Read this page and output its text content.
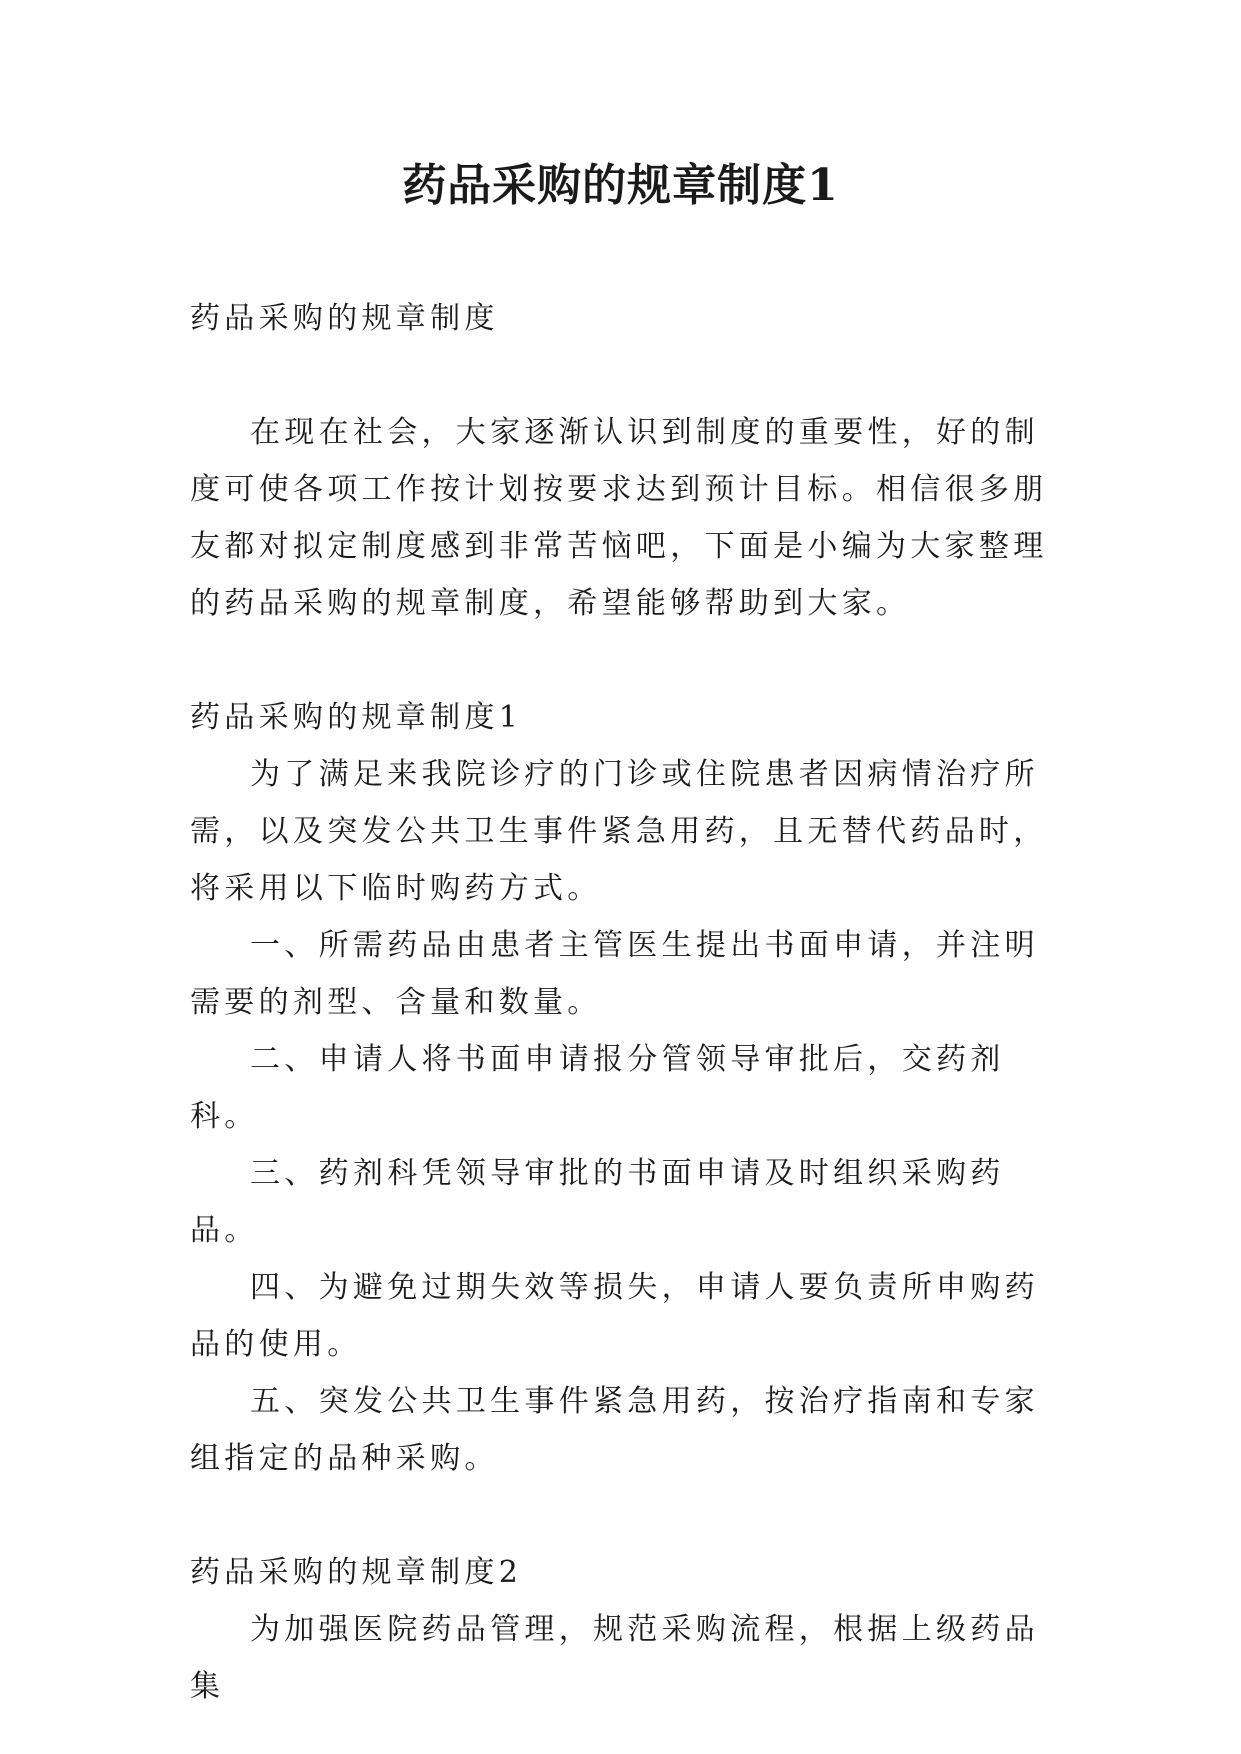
药品采购的规章制度1

药品采购的规章制度

在现在社会，大家逐渐认识到制度的重要性，好的制度可使各项工作按计划按要求达到预计目标。相信很多朋友都对拟定制度感到非常苦恼吧，下面是小编为大家整理的药品采购的规章制度，希望能够帮助到大家。

药品采购的规章制度1

为了满足来我院诊疗的门诊或住院患者因病情治疗所需，以及突发公共卫生事件紧急用药，且无替代药品时，将采用以下临时购药方式。

一、所需药品由患者主管医生提出书面申请，并注明需要的剂型、含量和数量。

二、申请人将书面申请报分管领导审批后，交药剂科。

三、药剂科凭领导审批的书面申请及时组织采购药品。

四、为避免过期失效等损失，申请人要负责所申购药品的使用。

五、突发公共卫生事件紧急用药，按治疗指南和专家组指定的品种采购。

药品采购的规章制度2

为加强医院药品管理，规范采购流程，根据上级药品集
